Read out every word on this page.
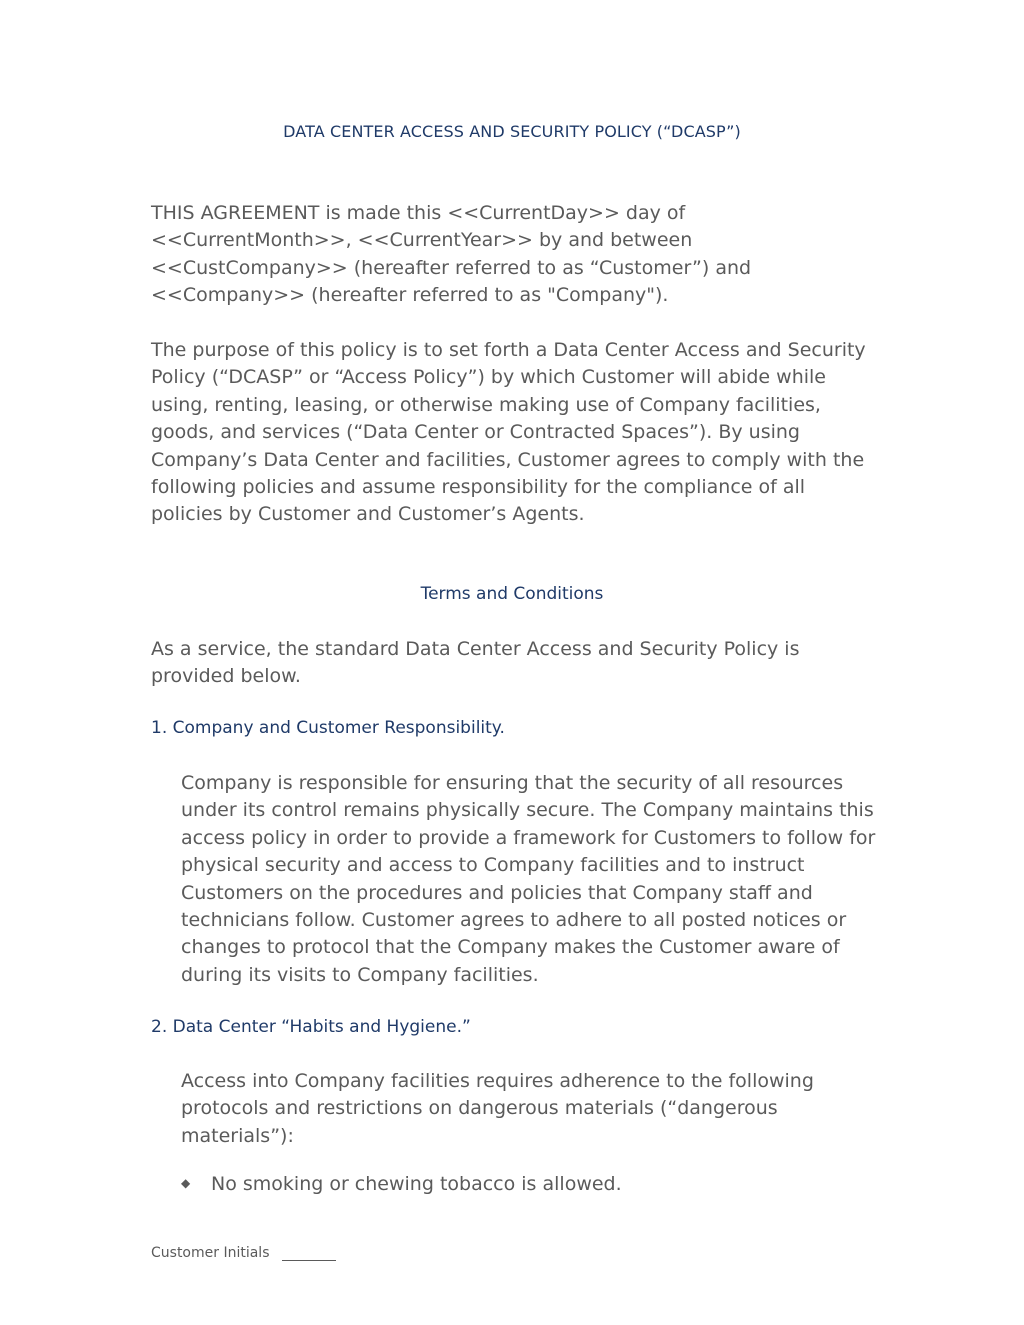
DATA CENTER ACCESS AND SECURITY POLICY (“DCASP”)

THIS AGREEMENT is made this <<CurrentDay>> day of <<CurrentMonth>>, <<CurrentYear>> by and between <<CustCompany>> (hereafter referred to as “Customer”) and <<Company>> (hereafter referred to as "Company").

The purpose of this policy is to set forth a Data Center Access and Security Policy (“DCASP” or “Access Policy”) by which Customer will abide while using, renting, leasing, or otherwise making use of Company facilities, goods, and services (“Data Center or Contracted Spaces”). By using Company’s Data Center and facilities, Customer agrees to comply with the following policies and assume responsibility for the compliance of all policies by Customer and Customer’s Agents.

Terms and Conditions

As a service, the standard Data Center Access and Security Policy is provided below.

1. Company and Customer Responsibility.

Company is responsible for ensuring that the security of all resources under its control remains physically secure. The Company maintains this access policy in order to provide a framework for Customers to follow for physical security and access to Company facilities and to instruct Customers on the procedures and policies that Company staff and technicians follow. Customer agrees to adhere to all posted notices or changes to protocol that the Company makes the Customer aware of during its visits to Company facilities.

2. Data Center “Habits and Hygiene.”

Access into Company facilities requires adherence to the following protocols and restrictions on dangerous materials (“dangerous materials”):

◆	No smoking or chewing tobacco is allowed.
Customer Initials
